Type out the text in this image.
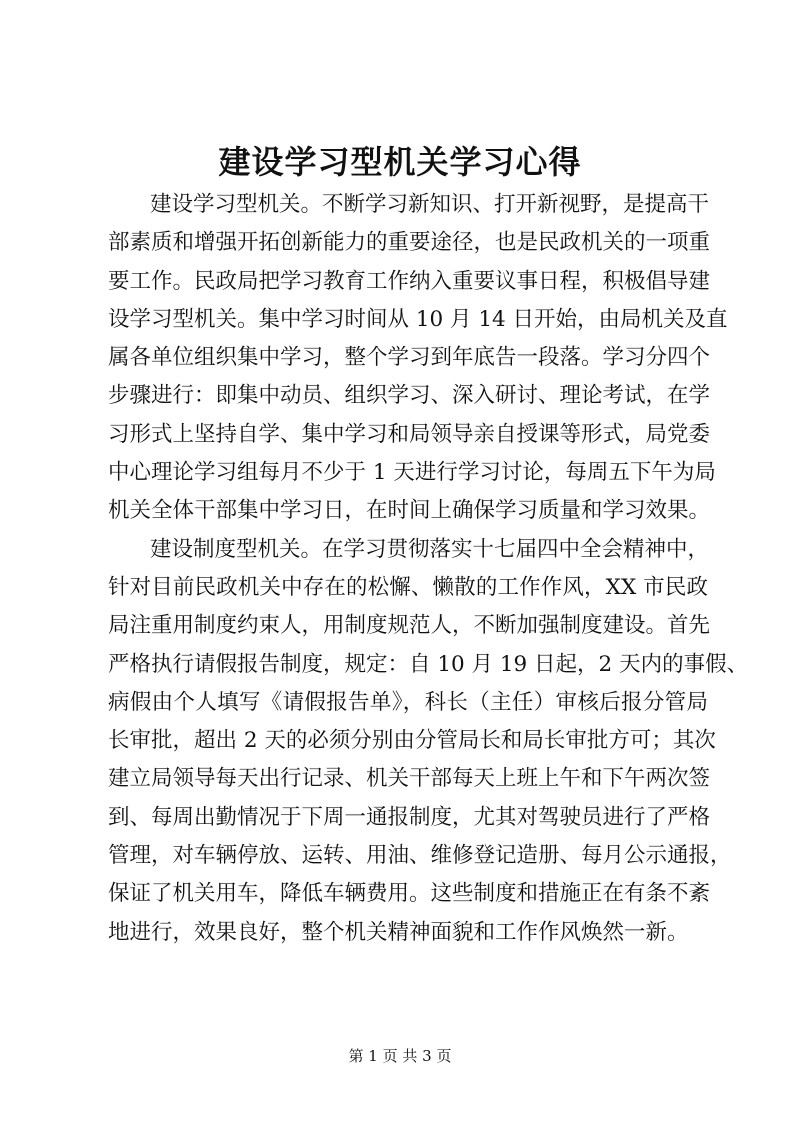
建设学习型机关学习心得
建设学习型机关。不断学习新知识、打开新视野，是提高干
部素质和增强开拓创新能力的重要途径，也是民政机关的一项重
要工作。民政局把学习教育工作纳入重要议事日程，积极倡导建
设学习型机关。集中学习时间从 10 月 14 日开始，由局机关及直
属各单位组织集中学习，整个学习到年底告一段落。学习分四个
步骤进行：即集中动员、组织学习、深入研讨、理论考试，在学
习形式上坚持自学、集中学习和局领导亲自授课等形式，局党委
中心理论学习组每月不少于 1 天进行学习讨论，每周五下午为局
机关全体干部集中学习日，在时间上确保学习质量和学习效果。
建设制度型机关。在学习贯彻落实十七届四中全会精神中，
针对目前民政机关中存在的松懈、懒散的工作作风，XX 市民政
局注重用制度约束人，用制度规范人，不断加强制度建设。首先
严格执行请假报告制度，规定：自 10 月 19 日起，2 天内的事假、
病假由个人填写《请假报告单》，科长（主任）审核后报分管局
长审批，超出 2 天的必须分别由分管局长和局长审批方可；其次
建立局领导每天出行记录、机关干部每天上班上午和下午两次签
到、每周出勤情况于下周一通报制度，尤其对驾驶员进行了严格
管理，对车辆停放、运转、用油、维修登记造册、每月公示通报，
保证了机关用车，降低车辆费用。这些制度和措施正在有条不紊
地进行，效果良好，整个机关精神面貌和工作作风焕然一新。
第 1 页 共 3 页
